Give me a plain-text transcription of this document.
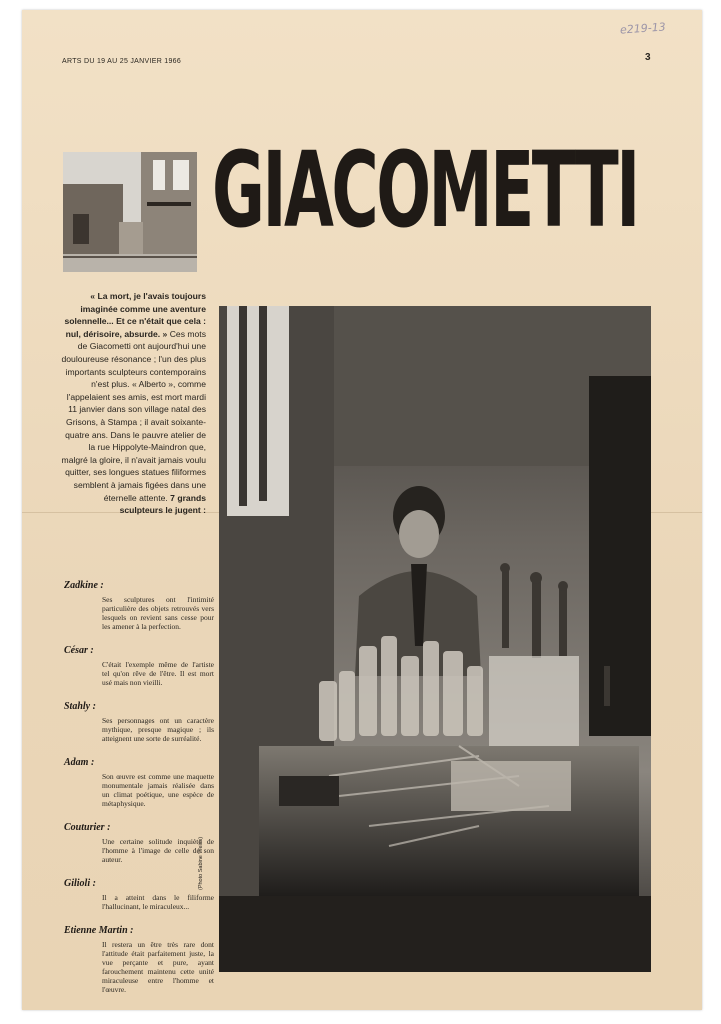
e219-13
ARTS DU 19 AU 25 JANVIER 1966	3
GIACOMETTI
« La mort, je l'avais toujours imaginée comme une aventure solennelle... Et ce n'était que cela : nul, dérisoire, absurde. » Ces mots de Giacometti ont aujourd'hui une douloureuse résonance ; l'un des plus importants sculpteurs contemporains n'est plus. « Alberto », comme l'appelaient ses amis, est mort mardi 11 janvier dans son village natal des Grisons, à Stampa ; il avait soixante-quatre ans. Dans le pauvre atelier de la rue Hippolyte-Maindron que, malgré la gloire, il n'avait jamais voulu quitter, ses longues statues filiformes semblent à jamais figées dans une éternelle attente. 7 grands sculpteurs le jugent :
Zadkine :
Ses sculptures ont l'intimité particulière des objets retrouvés vers lesquels on revient sans cesse pour les amener à la perfection.
César :
C'était l'exemple même de l'artiste tel qu'on rêve de l'être. Il est mort usé mais non vieilli.
Stahly :
Ses personnages ont un caractère mythique, presque magique ; ils atteignent une sorte de surréalité.
Adam :
Son œuvre est comme une maquette monumentale jamais réalisée dans un climat poétique, une espèce de métaphysique.
Couturier :
Une certaine solitude inquiète de l'homme à l'image de celle de son auteur.
Gilioli :
Il a atteint dans le filiforme l'hallucinant, le miraculeux...
Etienne Martin :
Il restera un être très rare dont l'attitude était parfaitement juste, la vue perçante et pure, ayant farouchement maintenu cette unité miraculeuse entre l'homme et l'œuvre.
(Photo Sabine Weiss)
